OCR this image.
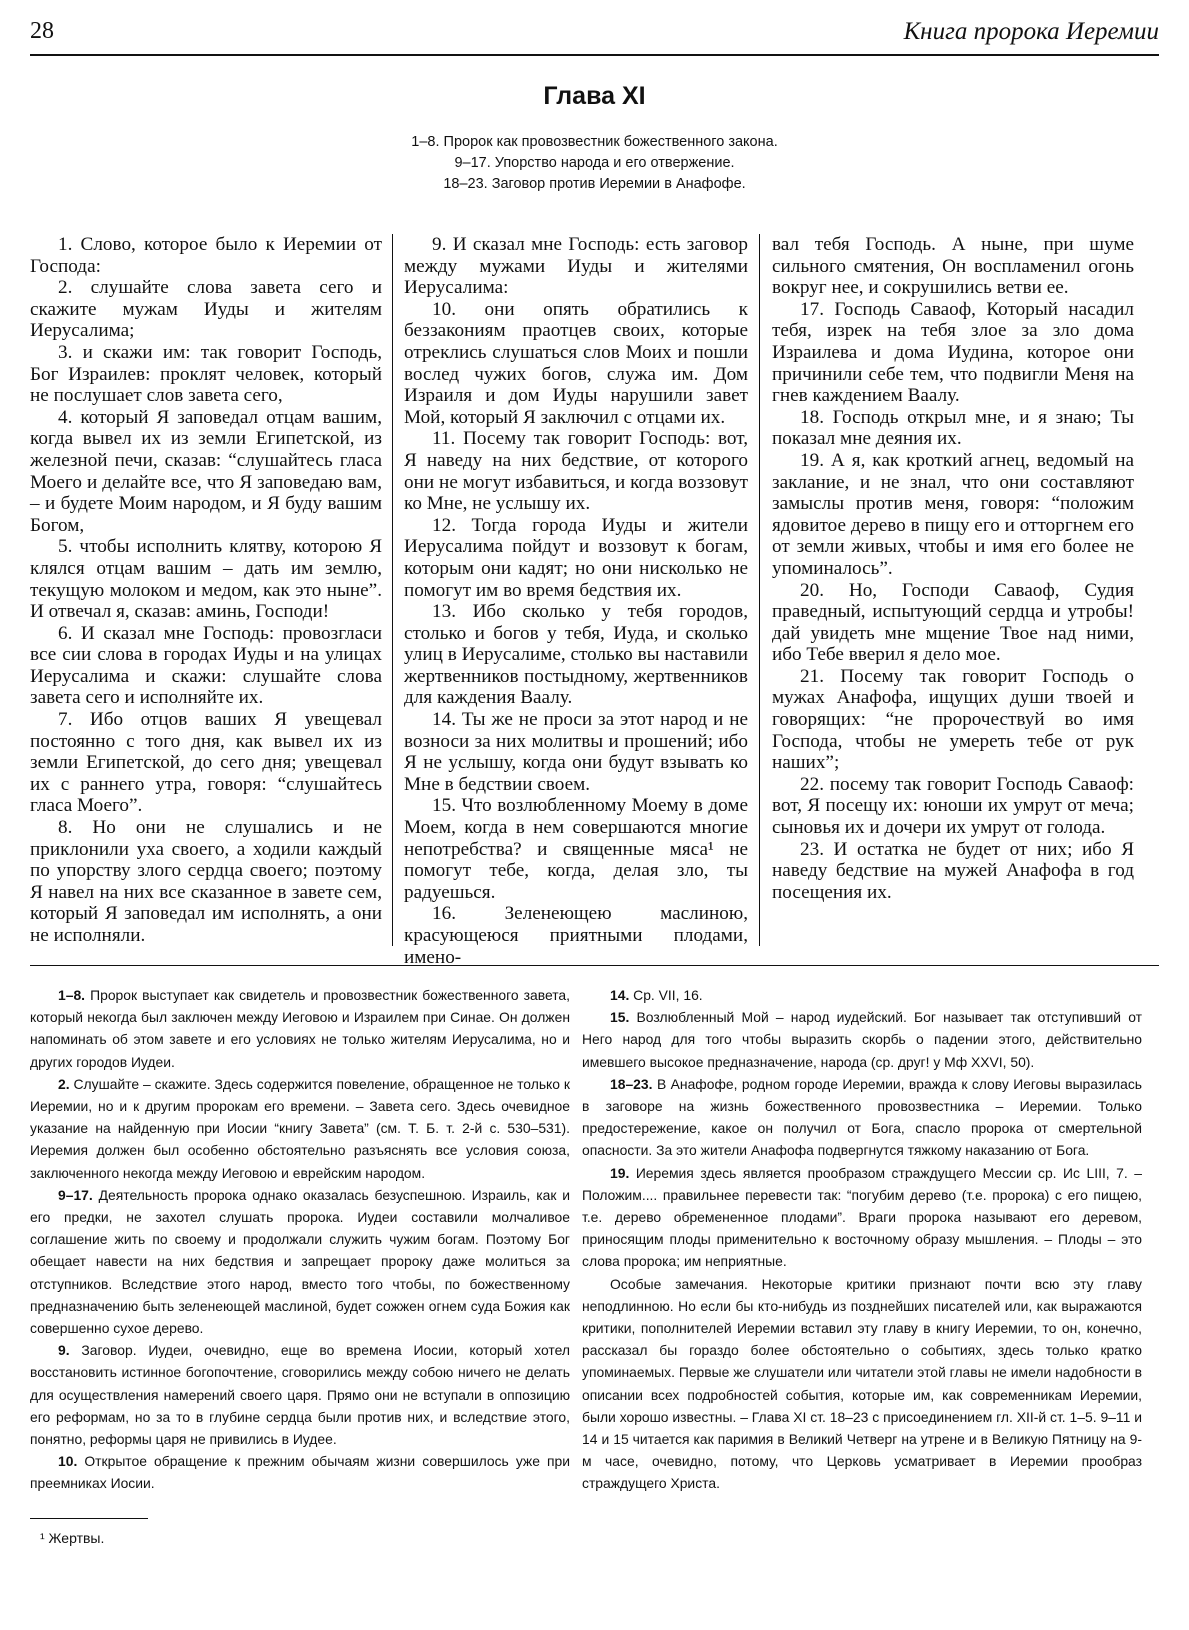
28	Книга пророка Иеремии
Глава XI
1–8. Пророк как провозвестник божественного закона.
9–17. Упорство народа и его отвержение.
18–23. Заговор против Иеремии в Анафофе.

1. Слово, которое было к Иеремии от Господа:

2. слушайте слова завета сего и скажите мужам Иуды и жителям Иерусалима;

3. и скажи им: так говорит Господь, Бог Израилев: проклят человек, который не послушает слов завета сего,

4. который Я заповедал отцам вашим, когда вывел их из земли Египетской, из железной печи, сказав: “слушайтесь гласа Моего и делайте все, что Я заповедаю вам, – и будете Моим народом, и Я буду вашим Богом,

5. чтобы исполнить клятву, которою Я клялся отцам вашим – дать им землю, текущую молоком и медом, как это ныне”. И отвечал я, сказав: аминь, Господи!

6. И сказал мне Господь: провозгласи все сии слова в городах Иуды и на улицах Иерусалима и скажи: слушайте слова завета сего и исполняйте их.

7. Ибо отцов ваших Я увещевал постоянно с того дня, как вывел их из земли Египетской, до сего дня; увещевал их с раннего утра, говоря: “слушайтесь гласа Моего”.

8. Но они не слушались и не приклонили уха своего, а ходили каждый по упорству злого сердца своего; поэтому Я навел на них все сказанное в завете сем, который Я заповедал им исполнять, а они не исполняли.

9. И сказал мне Господь: есть заговор между мужами Иуды и жителями Иерусалима:

10. они опять обратились к беззакониям праотцев своих, которые отреклись слушаться слов Моих и пошли вослед чужих богов, служа им. Дом Израиля и дом Иуды нарушили завет Мой, который Я заключил с отцами их.

11. Посему так говорит Господь: вот, Я наведу на них бедствие, от которого они не могут избавиться, и когда воззовут ко Мне, не услышу их.

12. Тогда города Иуды и жители Иерусалима пойдут и воззовут к богам, которым они кадят; но они нисколько не помогут им во время бедствия их.

13. Ибо сколько у тебя городов, столько и богов у тебя, Иуда, и сколько улиц в Иерусалиме, столько вы наставили жертвенников постыдному, жертвенников для каждения Ваалу.

14. Ты же не проси за этот народ и не возноси за них молитвы и прошений; ибо Я не услышу, когда они будут взывать ко Мне в бедствии своем.

15. Что возлюбленному Моему в доме Моем, когда в нем совершаются многие непотребства? и священные мяса¹ не помогут тебе, когда, делая зло, ты радуешься.

16. Зеленеющею маслиною, красующеюся приятными плодами, имено-

вал тебя Господь. А ныне, при шуме сильного смятения, Он воспламенил огонь вокруг нее, и сокрушились ветви ее.

17. Господь Саваоф, Который насадил тебя, изрек на тебя злое за зло дома Израилева и дома Иудина, которое они причинили себе тем, что подвигли Меня на гнев каждением Ваалу.

18. Господь открыл мне, и я знаю; Ты показал мне деяния их.

19. А я, как кроткий агнец, ведомый на заклание, и не знал, что они составляют замыслы против меня, говоря: “положим ядовитое дерево в пищу его и отторгнем его от земли живых, чтобы и имя его более не упоминалось”.

20. Но, Господи Саваоф, Судия праведный, испытующий сердца и утробы! дай увидеть мне мщение Твое над ними, ибо Тебе вверил я дело мое.

21. Посему так говорит Господь о мужах Анафофа, ищущих души твоей и говорящих: “не пророчествуй во имя Господа, чтобы не умереть тебе от рук наших”;

22. посему так говорит Господь Саваоф: вот, Я посещу их: юноши их умрут от меча; сыновья их и дочери их умрут от голода.

23. И остатка не будет от них; ибо Я наведу бедствие на мужей Анафофа в год посещения их.

1–8. Пророк выступает как свидетель и провозвестник божественного завета, который некогда был заключен между Иеговою и Израилем при Синае. Он должен напоминать об этом завете и его условиях не только жителям Иерусалима, но и других городов Иудеи.

2. Слушайте – скажите. Здесь содержится повеление, обращенное не только к Иеремии, но и к другим пророкам его времени. – Завета сего. Здесь очевидное указание на найденную при Иосии “книгу Завета” (см. Т. Б. т. 2-й с. 530–531). Иеремия должен был особенно обстоятельно разъяснять все условия союза, заключенного некогда между Иеговою и еврейским народом.

9–17. Деятельность пророка однако оказалась безуспешною. Израиль, как и его предки, не захотел слушать пророка. Иудеи составили молчаливое соглашение жить по своему и продолжали служить чужим богам. Поэтому Бог обещает навести на них бедствия и запрещает пророку даже молиться за отступников. Вследствие этого народ, вместо того чтобы, по божественному предназначению быть зеленеющей маслиной, будет сожжен огнем суда Божия как совершенно сухое дерево.

9. Заговор. Иудеи, очевидно, еще во времена Иосии, который хотел восстановить истинное богопочтение, сговорились между собою ничего не делать для осуществления намерений своего царя. Прямо они не вступали в оппозицию его реформам, но за то в глубине сердца были против них, и вследствие этого, понятно, реформы царя не привились в Иудее.

10. Открытое обращение к прежним обычаям жизни совершилось уже при преемниках Иосии.

14. Ср. VII, 16.

15. Возлюбленный Мой – народ иудейский. Бог называет так отступивший от Него народ для того чтобы выразить скорбь о падении этого, действительно имевшего высокое предназначение, народа (ср. друг! у Мф XXVI, 50).

18–23. В Анафофе, родном городе Иеремии, вражда к слову Иеговы выразилась в заговоре на жизнь божественного провозвестника – Иеремии. Только предостережение, какое он получил от Бога, спасло пророка от смертельной опасности. За это жители Анафофа подвергнутся тяжкому наказанию от Бога.

19. Иеремия здесь является прообразом страждущего Мессии ср. Ис LIII, 7. – Положим.... правильнее перевести так: “погубим дерево (т.е. пророка) с его пищею, т.е. дерево обремененное плодами”. Враги пророка называют его деревом, приносящим плоды применительно к восточному образу мышления. – Плоды – это слова пророка; им неприятные.

Особые замечания. Некоторые критики признают почти всю эту главу неподлинною. Но если бы кто-нибудь из позднейших писателей или, как выражаются критики, пополнителей Иеремии вставил эту главу в книгу Иеремии, то он, конечно, рассказал бы гораздо более обстоятельно о событиях, здесь только кратко упоминаемых. Первые же слушатели или читатели этой главы не имели надобности в описании всех подробностей события, которые им, как современникам Иеремии, были хорошо известны. – Глава XI ст. 18–23 с присоединением гл. XII-й ст. 1–5. 9–11 и 14 и 15 читается как паримия в Великий Четверг на утрене и в Великую Пятницу на 9-м часе, очевидно, потому, что Церковь усматривает в Иеремии прообраз страждущего Христа.

¹ Жертвы.
